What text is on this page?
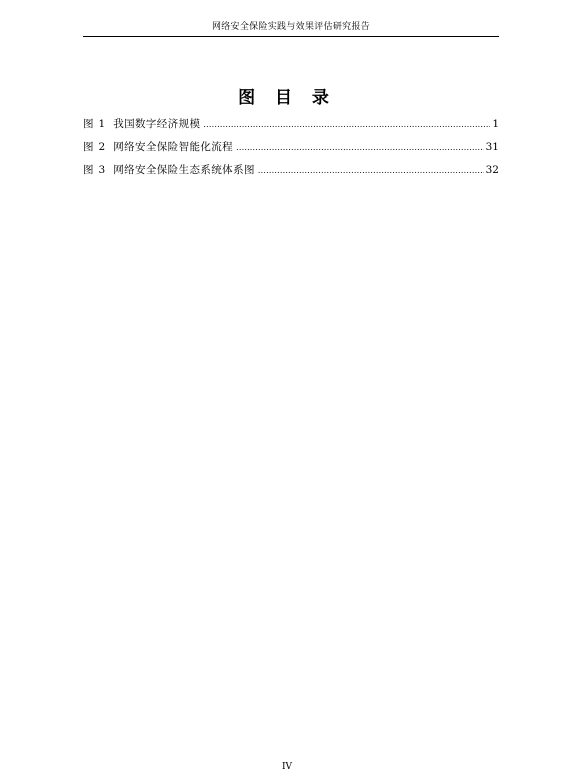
网络安全保险实践与效果评估研究报告
图 目 录
图 1 我国数字经济规模 .....	1
图 2 网络安全保险智能化流程 .....	31
图 3 网络安全保险生态系统体系图 .....	32
IV
